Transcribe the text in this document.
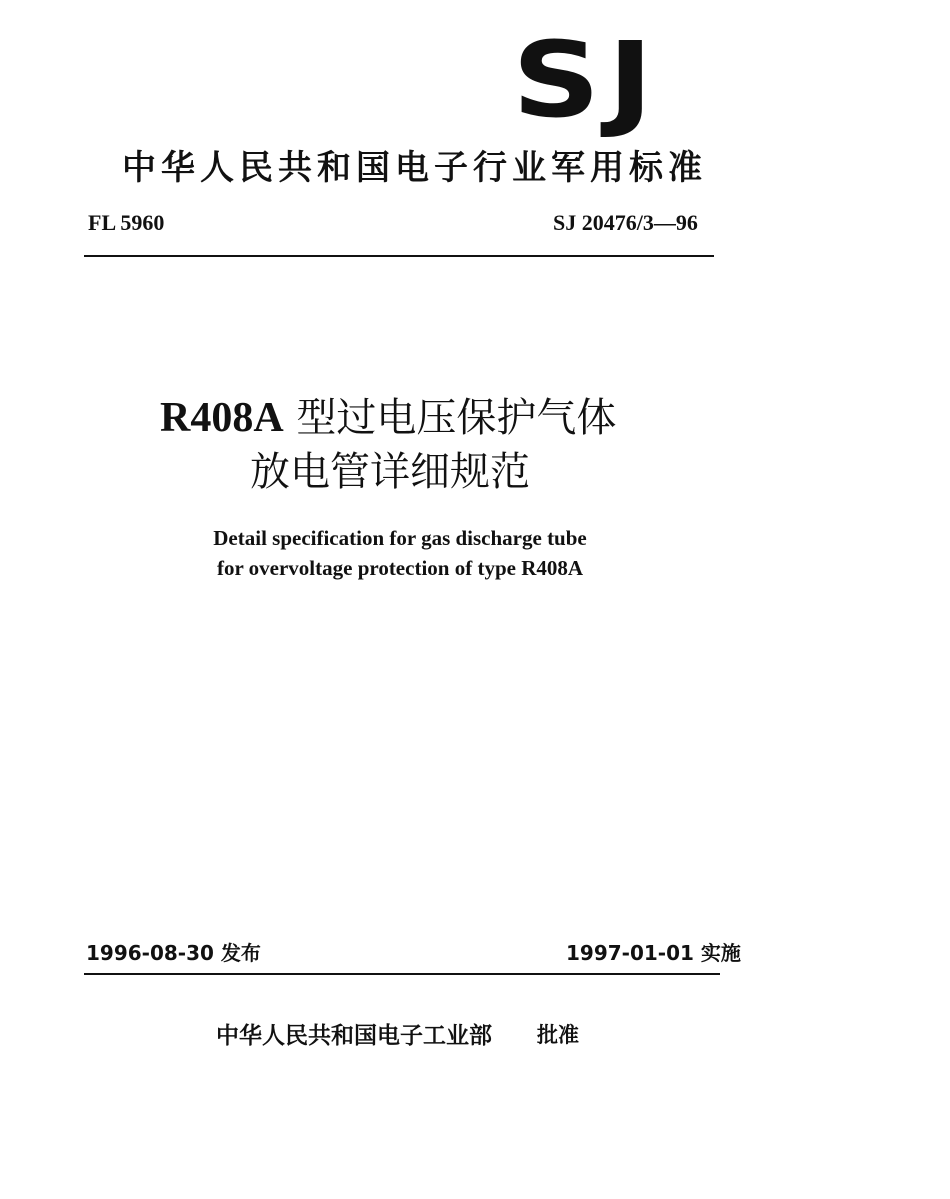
SJ
中华人民共和国电子行业军用标准
FL 5960	SJ 20476/3—96
R408A 型过电压保护气体
放电管详细规范
Detail specification for gas discharge tube
for overvoltage protection of type R408A
1996-08-30 发布	1997-01-01 实施
中华人民共和国电子工业部 批准
